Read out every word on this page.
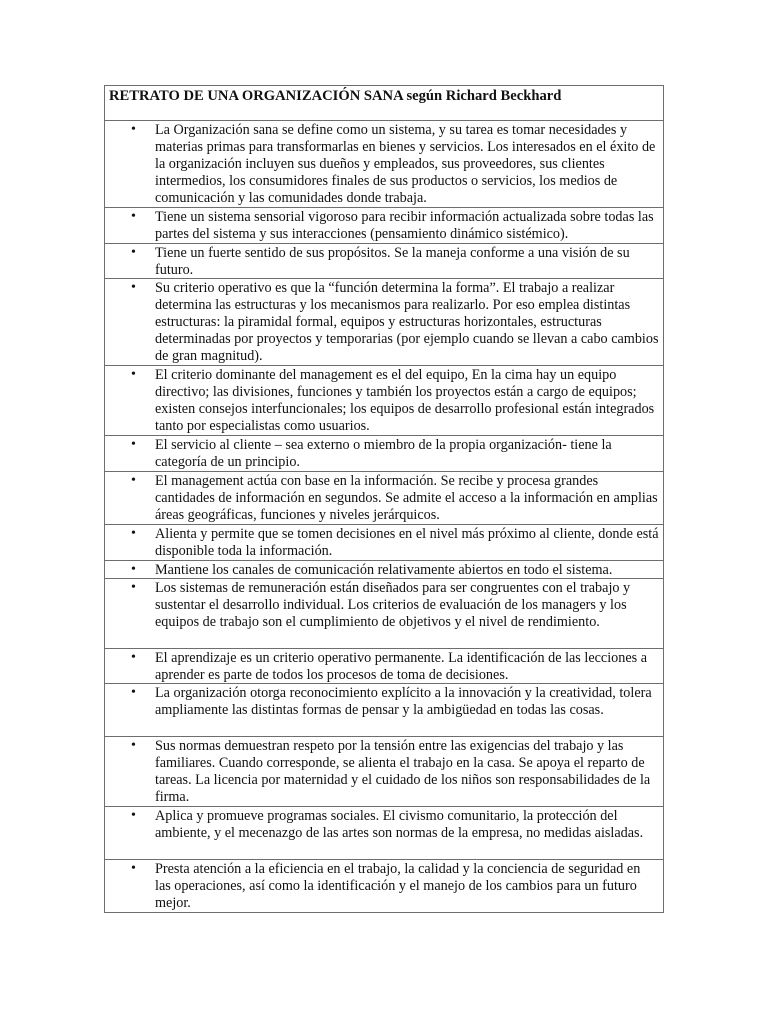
RETRATO DE UNA ORGANIZACIÓN SANA según Richard Beckhard

• La Organización sana se define como un sistema, y su tarea es tomar necesidades y materias primas para transformarlas en bienes y servicios. Los interesados en el éxito de la organización incluyen sus dueños y empleados, sus proveedores, sus clientes intermedios, los consumidores finales de sus productos o servicios, los medios de comunicación y las comunidades donde trabaja.

• Tiene un sistema sensorial vigoroso para recibir información actualizada sobre todas las partes del sistema y sus interacciones (pensamiento dinámico sistémico).

• Tiene un fuerte sentido de sus propósitos. Se la maneja conforme a una visión de su futuro.

• Su criterio operativo es que la “función determina la forma”. El trabajo a realizar determina las estructuras y los mecanismos para realizarlo. Por eso emplea distintas estructuras: la piramidal formal, equipos y estructuras horizontales, estructuras determinadas por proyectos y temporarias (por ejemplo cuando se llevan a cabo cambios de gran magnitud).

• El criterio dominante del management es el del equipo, En la cima hay un equipo directivo; las divisiones, funciones y también los proyectos están a cargo de equipos; existen consejos interfuncionales; los equipos de desarrollo profesional están integrados tanto por especialistas como usuarios.

• El servicio al cliente – sea externo o miembro de la propia organización- tiene la categoría de un principio.

• El management actúa con base en la información. Se recibe y procesa grandes cantidades de información en segundos. Se admite el acceso a la información en amplias áreas geográficas, funciones y niveles jerárquicos.

• Alienta y permite que se tomen decisiones en el nivel más próximo al cliente, donde está disponible toda la información.

• Mantiene los canales de comunicación relativamente abiertos en todo el sistema.

• Los sistemas de remuneración están diseñados para ser congruentes con el trabajo y sustentar el desarrollo individual. Los criterios de evaluación de los managers y los equipos de trabajo son el cumplimiento de objetivos y el nivel de rendimiento.

• El aprendizaje es un criterio operativo permanente. La identificación de las lecciones a aprender es parte de todos los procesos de toma de decisiones.

• La organización otorga reconocimiento explícito a la innovación y la creatividad, tolera ampliamente las distintas formas de pensar y la ambigüedad en todas las cosas.

• Sus normas demuestran respeto por la tensión entre las exigencias del trabajo y las familiares. Cuando corresponde, se alienta el trabajo en la casa. Se apoya el reparto de tareas. La licencia por maternidad y el cuidado de los niños son responsabilidades de la firma.

• Aplica y promueve programas sociales. El civismo comunitario, la protección del ambiente, y el mecenazgo de las artes son normas de la empresa, no medidas aisladas.

• Presta atención a la eficiencia en el trabajo, la calidad y la conciencia de seguridad en las operaciones, así como la identificación y el manejo de los cambios para un futuro mejor.
